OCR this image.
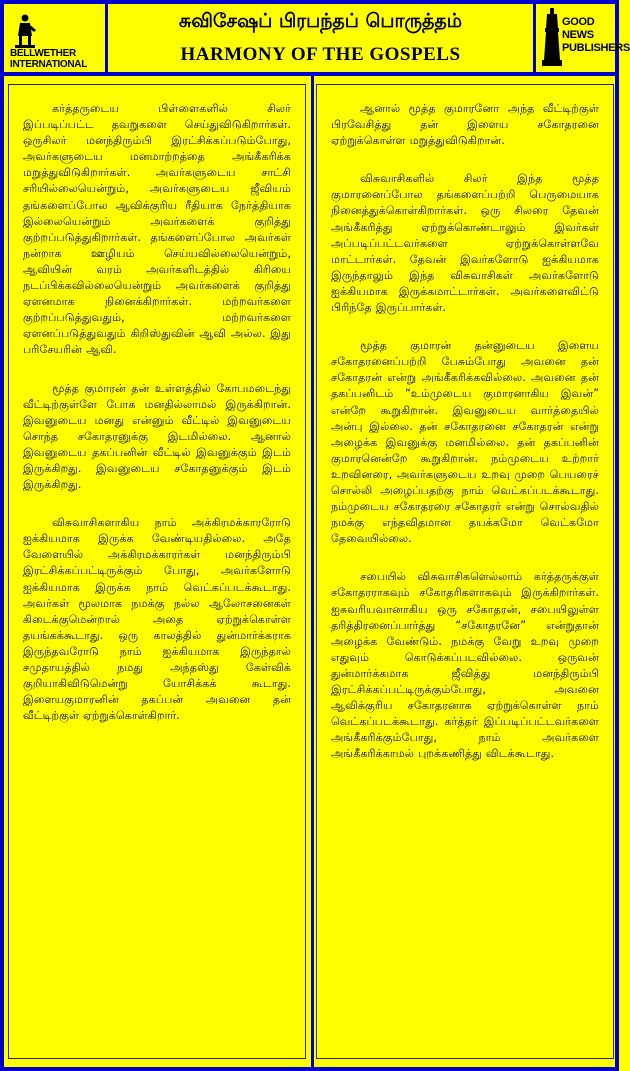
BELLWETHER INTERNATIONAL
சுவிசேஷப் பிரபந்தப் பொருத்தம்
HARMONY OF THE GOSPELS
GOOD NEWS PUBLISHERS

கர்த்தருடைய பிள்ளைகளில் சிலர் இப்படிப்பட்ட தவறுகளை செய்துவிடுகிறார்கள். ஒருசிலர் மனந்திரும்பி இரட்சிக்கப்படும்போது, அவர்களுடைய மனமாற்றத்தை அங்கீகரிக்க மறுத்துவிடுகிறார்கள். அவர்களுடைய சாட்சி சரியில்லையென்றும், அவர்களுடைய ஜீவியம் தங்களைப்போல ஆவிக்குரிய ரீதியாக நேர்த்தியாக இல்லையென்றும் அவர்களைக் குறித்து குற்றப்படுத்துகிறார்கள். தங்களைப்போல அவர்கள் நன்றாக ஊழியம் செய்யவில்லையென்றும், ஆவியின் வரம் அவர்களிடத்தில் கிரியை நடப்பிக்கவில்லையென்றும் அவர்களைக் குறித்து ஏளனமாக நினைக்கிறார்கள். மற்றவர்களை குற்றப்படுத்துவதும், மற்றவர்களை ஏளனப்படுத்துவதும் கிறிஸ்துவின் ஆவி அல்ல. இது பரிசேயரின் ஆவி.

மூத்த குமாரன் தன் உள்ளத்தில் கோபமடைந்து வீட்டிற்குள்ளே போக மனதில்லாமல் இருக்கிறான். இவனுடைய மனது என்னும் வீட்டில் இவனுடைய சொந்த சகோதரனுக்கு இடமில்லை. ஆனால் இவனுடைய தகப்பனின் வீட்டில் இவனுக்கும் இடம் இருக்கிறது. இவனுடைய சகோதனுக்கும் இடம் இருக்கிறது.

விசுவாசிகளாகிய நாம் அக்கிரமக்காரரோடு ஐக்கியமாக இருக்க வேண்டியதில்லை. அதே வேளையில் அக்கிரமக்காரர்கள் மனந்திரும்பி இரட்சிக்கப்பட்டிருக்கும் போது, அவர்களோடு ஐக்கியமாக இருக்க நாம் வெட்கப்படக்கூடாது. அவர்கள் மூலமாக நமக்கு நல்ல ஆலோசனைகள் கிடைக்குமென்றால் அதை ஏற்றுக்கொள்ள தயங்கக்கூடாது. ஒரு காலத்தில் துன்மார்க்கராக இருந்தவரோடு நாம் ஐக்கியமாக இருந்தால் சமுதாயத்தில் நமது அந்தஸ்து கேள்விக் குறியாகிவிடுமென்று யோசிக்கக் கூடாது. இளையகுமாரனின் தகப்பன் அவனை தன் வீட்டிற்குள் ஏற்றுக்கொள்கிறார்.

ஆனால் மூத்த குமாரனோ அந்த வீட்டிற்குள் பிரவேசித்து தன் இளைய சகோதரனை ஏற்றுக்கொள்ள மறுத்துவிடுகிறான்.

விசுவாசிகளில் சிலர் இந்த மூத்த குமாரனைப்போல தங்களைப்பற்றி பெருமையாக நினைத்துக்கொள்கிறார்கள். ஒரு சிலரை தேவன் அங்கீகரித்து ஏற்றுக்கொண்டாலும் இவர்கள் அப்படிப்பட்டவர்களை ஏற்றுக்கொள்ளவே மாட்டார்கள். தேவன் இவர்களோடு ஐக்கியமாக இருந்தாலும் இந்த விசுவாசிகள் அவர்களோடு ஐக்கியமாக இருக்கமாட்டார்கள். அவர்களைவிட்டு பிரிந்தே இருப்பார்கள்.

மூத்த குமாரன் தன்னுடைய இளைய சகோதரனைப்பற்றி பேசும்போது அவனை தன் சகோதரன் என்று அங்கீகரிக்கவில்லை. அவனை தன் தகப்பனிடம் “உம்முடைய குமாரனாகிய இவன்” என்றே கூறுகிறான். இவனுடைய வார்த்தையில் அன்பு இல்லை. தன் சகோதரனை சகோதரன் என்று அழைக்க இவனுக்கு மனமில்லை. தன் தகப்பனின் குமாரனென்றே கூறுகிறான். நம்முடைய உற்றார் உறவினரை, அவர்களுடைய உறவு முறை பெயரைச் சொல்லி அழைப்பதற்கு நாம் வெட்கப்படக்கூடாது. நம்முடைய சகோதரரை சகோதரர் என்று சொல்வதில் நமக்கு எந்தவிதமான தயக்கமோ வெட்கமோ தேவையில்லை.

சபையில் விசுவாசிகளெல்லாம் கர்த்தருக்குள் சகோதரராகவும் சகோதரிகளாகவும் இருக்கிறார்கள். ஐசுவரியவானாகிய ஒரு சகோதரன், சபையிலுள்ள தரித்திரனைப்பார்த்து “சகோதரனே” என்றுதான் அழைக்க வேண்டும். நமக்கு வேறு உறவு முறை எதுவும் கொடுக்கப்படவில்லை. ஒருவன் துன்மார்க்கமாக ஜீவித்து மனந்திரும்பி இரட்சிக்கப்பட்டிருக்கும்போது, அவனை ஆவிக்குரிய சகோதரனாக ஏற்றுக்கொள்ள நாம் வெட்கப்படக்கூடாது. கர்த்தர் இப்படிப்பட்டவர்களை அங்கீகரிக்கும்போது, நாம் அவர்களை அங்கீகரிக்காமல் புறக்கணித்து விடக்கூடாது.
